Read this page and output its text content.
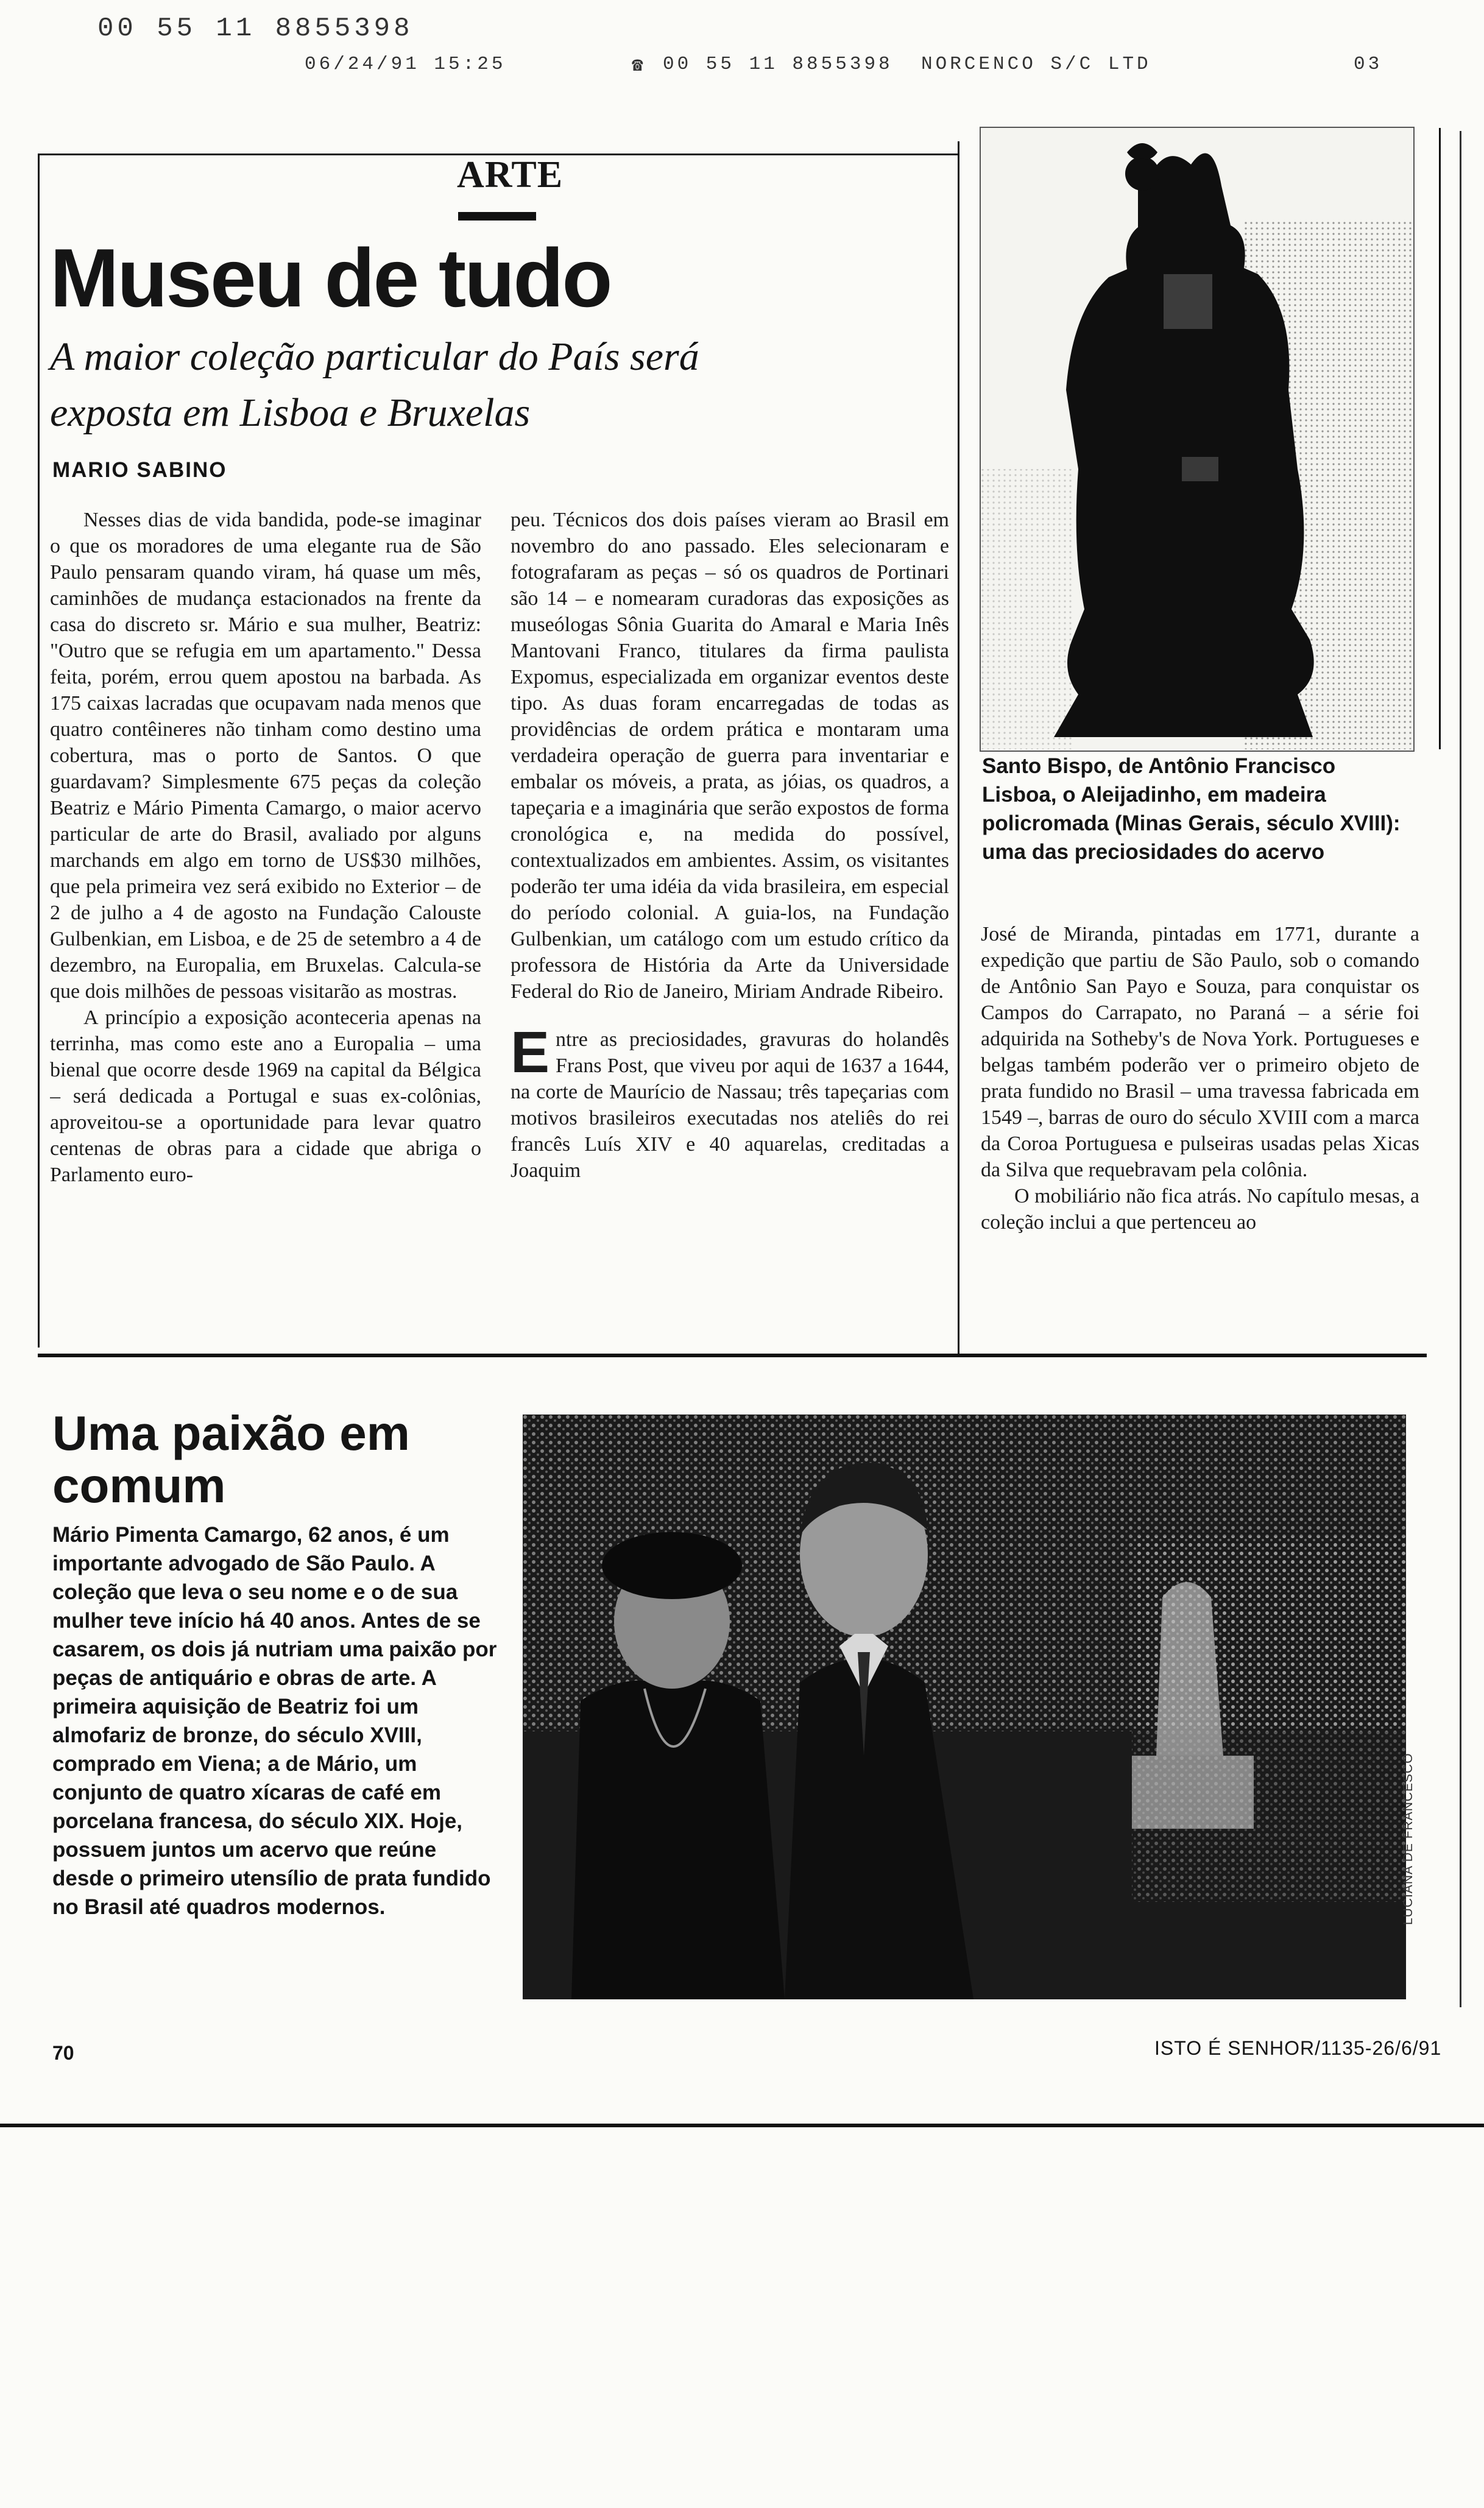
00 55 11 8855398
06/24/91 15:25	☎ 00 55 11 8855398 NORCENCO S/C LTD	03
ARTE
Museu de tudo
A maior coleção particular do País será exposta em Lisboa e Bruxelas
MARIO SABINO

Nesses dias de vida bandida, pode-se imaginar o que os moradores de uma elegante rua de São Paulo pensaram quando viram, há quase um mês, caminhões de mudança estacionados na frente da casa do discreto sr. Mário e sua mulher, Beatriz: "Outro que se refugia em um apartamento." Dessa feita, porém, errou quem apostou na barbada. As 175 caixas lacradas que ocupavam nada menos que quatro contêineres não tinham como destino uma cobertura, mas o porto de Santos. O que guardavam? Simplesmente 675 peças da coleção Beatriz e Mário Pimenta Camargo, o maior acervo particular de arte do Brasil, avaliado por alguns marchands em algo em torno de US$30 milhões, que pela primeira vez será exibido no Exterior – de 2 de julho a 4 de agosto na Fundação Calouste Gulbenkian, em Lisboa, e de 25 de setembro a 4 de dezembro, na Europalia, em Bruxelas. Calcula-se que dois milhões de pessoas visitarão as mostras.

A princípio a exposição aconteceria apenas na terrinha, mas como este ano a Europalia – uma bienal que ocorre desde 1969 na capital da Bélgica – será dedicada a Portugal e suas ex-colônias, aproveitou-se a oportunidade para levar quatro centenas de obras para a cidade que abriga o Parlamento euro-

peu. Técnicos dos dois países vieram ao Brasil em novembro do ano passado. Eles selecionaram e fotografaram as peças – só os quadros de Portinari são 14 – e nomearam curadoras das exposições as museólogas Sônia Guarita do Amaral e Maria Inês Mantovani Franco, titulares da firma paulista Expomus, especializada em organizar eventos deste tipo. As duas foram encarregadas de todas as providências de ordem prática e montaram uma verdadeira operação de guerra para inventariar e embalar os móveis, a prata, as jóias, os quadros, a tapeçaria e a imaginária que serão expostos de forma cronológica e, na medida do possível, contextualizados em ambientes. Assim, os visitantes poderão ter uma idéia da vida brasileira, em especial do período colonial. A guia-los, na Fundação Gulbenkian, um catálogo com um estudo crítico da professora de História da Arte da Universidade Federal do Rio de Janeiro, Miriam Andrade Ribeiro.

Entre as preciosidades, gravuras do holandês Frans Post, que viveu por aqui de 1637 a 1644, na corte de Maurício de Nassau; três tapeçarias com motivos brasileiros executadas nos ateliês do rei francês Luís XIV e 40 aquarelas, creditadas a Joaquim

José de Miranda, pintadas em 1771, durante a expedição que partiu de São Paulo, sob o comando de Antônio San Payo e Souza, para conquistar os Campos do Carrapato, no Paraná – a série foi adquirida na Sotheby's de Nova York. Portugueses e belgas também poderão ver o primeiro objeto de prata fundido no Brasil – uma travessa fabricada em 1549 –, barras de ouro do século XVIII com a marca da Coroa Portuguesa e pulseiras usadas pelas Xicas da Silva que requebravam pela colônia.

O mobiliário não fica atrás. No capítulo mesas, a coleção inclui a que pertenceu ao

Santo Bispo, de Antônio Francisco Lisboa, o Aleijadinho, em madeira policromada (Minas Gerais, século XVIII): uma das preciosidades do acervo
Uma paixão em comum
Mário Pimenta Camargo, 62 anos, é um importante advogado de São Paulo. A coleção que leva o seu nome e o de sua mulher teve início há 40 anos. Antes de se casarem, os dois já nutriam uma paixão por peças de antiquário e obras de arte. A primeira aquisição de Beatriz foi um almofariz de bronze, do século XVIII, comprado em Viena; a de Mário, um conjunto de quatro xícaras de café em porcelana francesa, do século XIX. Hoje, possuem juntos um acervo que reúne desde o primeiro utensílio de prata fundido no Brasil até quadros modernos.	LUCIANA DE FRANCESCO
70	ISTO É SENHOR/1135-26/6/91
